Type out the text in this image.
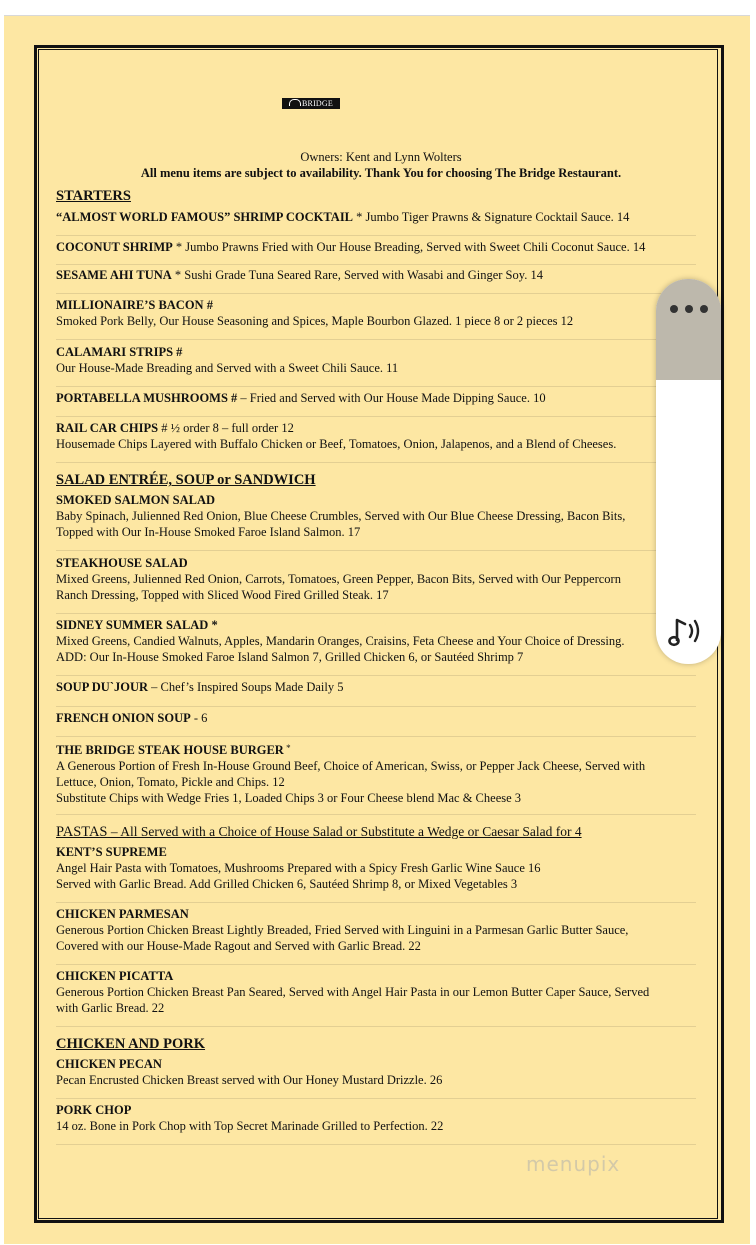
BRIDGE
Owners: Kent and Lynn Wolters
All menu items are subject to availability. Thank You for choosing The Bridge Restaurant.
STARTERS
“ALMOST WORLD FAMOUS” SHRIMP COCKTAIL * Jumbo Tiger Prawns & Signature Cocktail Sauce. 14
COCONUT SHRIMP * Jumbo Prawns Fried with Our House Breading, Served with Sweet Chili Coconut Sauce. 14
SESAME AHI TUNA * Sushi Grade Tuna Seared Rare, Served with Wasabi and Ginger Soy. 14
MILLIONAIRE’S BACON #
Smoked Pork Belly, Our House Seasoning and Spices, Maple Bourbon Glazed. 1 piece 8 or 2 pieces 12
CALAMARI STRIPS #
Our House-Made Breading and Served with a Sweet Chili Sauce. 11
PORTABELLA MUSHROOMS # – Fried and Served with Our House Made Dipping Sauce. 10
RAIL CAR CHIPS # ½ order 8 – full order 12
Housemade Chips Layered with Buffalo Chicken or Beef, Tomatoes, Onion, Jalapenos, and a Blend of Cheeses.
SALAD ENTRÉE, SOUP or SANDWICH
SMOKED SALMON SALAD
Baby Spinach, Julienned Red Onion, Blue Cheese Crumbles, Served with Our Blue Cheese Dressing, Bacon Bits,
Topped with Our In-House Smoked Faroe Island Salmon. 17
STEAKHOUSE SALAD
Mixed Greens, Julienned Red Onion, Carrots, Tomatoes, Green Pepper, Bacon Bits, Served with Our Peppercorn
Ranch Dressing, Topped with Sliced Wood Fired Grilled Steak. 17
SIDNEY SUMMER SALAD *
Mixed Greens, Candied Walnuts, Apples, Mandarin Oranges, Craisins, Feta Cheese and Your Choice of Dressing.
ADD: Our In-House Smoked Faroe Island Salmon 7, Grilled Chicken 6, or Sautéed Shrimp 7
SOUP DU`JOUR – Chef’s Inspired Soups Made Daily 5
FRENCH ONION SOUP - 6
THE BRIDGE STEAK HOUSE BURGER *
A Generous Portion of Fresh In-House Ground Beef, Choice of American, Swiss, or Pepper Jack Cheese, Served with
Lettuce, Onion, Tomato, Pickle and Chips. 12
Substitute Chips with Wedge Fries 1, Loaded Chips 3 or Four Cheese blend Mac & Cheese 3
PASTAS – All Served with a Choice of House Salad or Substitute a Wedge or Caesar Salad for 4
KENT’S SUPREME
Angel Hair Pasta with Tomatoes, Mushrooms Prepared with a Spicy Fresh Garlic Wine Sauce 16
Served with Garlic Bread. Add Grilled Chicken 6, Sautéed Shrimp 8, or Mixed Vegetables 3
CHICKEN PARMESAN
Generous Portion Chicken Breast Lightly Breaded, Fried Served with Linguini in a Parmesan Garlic Butter Sauce,
Covered with our House-Made Ragout and Served with Garlic Bread. 22
CHICKEN PICATTA
Generous Portion Chicken Breast Pan Seared, Served with Angel Hair Pasta in our Lemon Butter Caper Sauce, Served
with Garlic Bread. 22
CHICKEN AND PORK
CHICKEN PECAN
Pecan Encrusted Chicken Breast served with Our Honey Mustard Drizzle. 26
PORK CHOP
14 oz. Bone in Pork Chop with Top Secret Marinade Grilled to Perfection. 22
menupix
